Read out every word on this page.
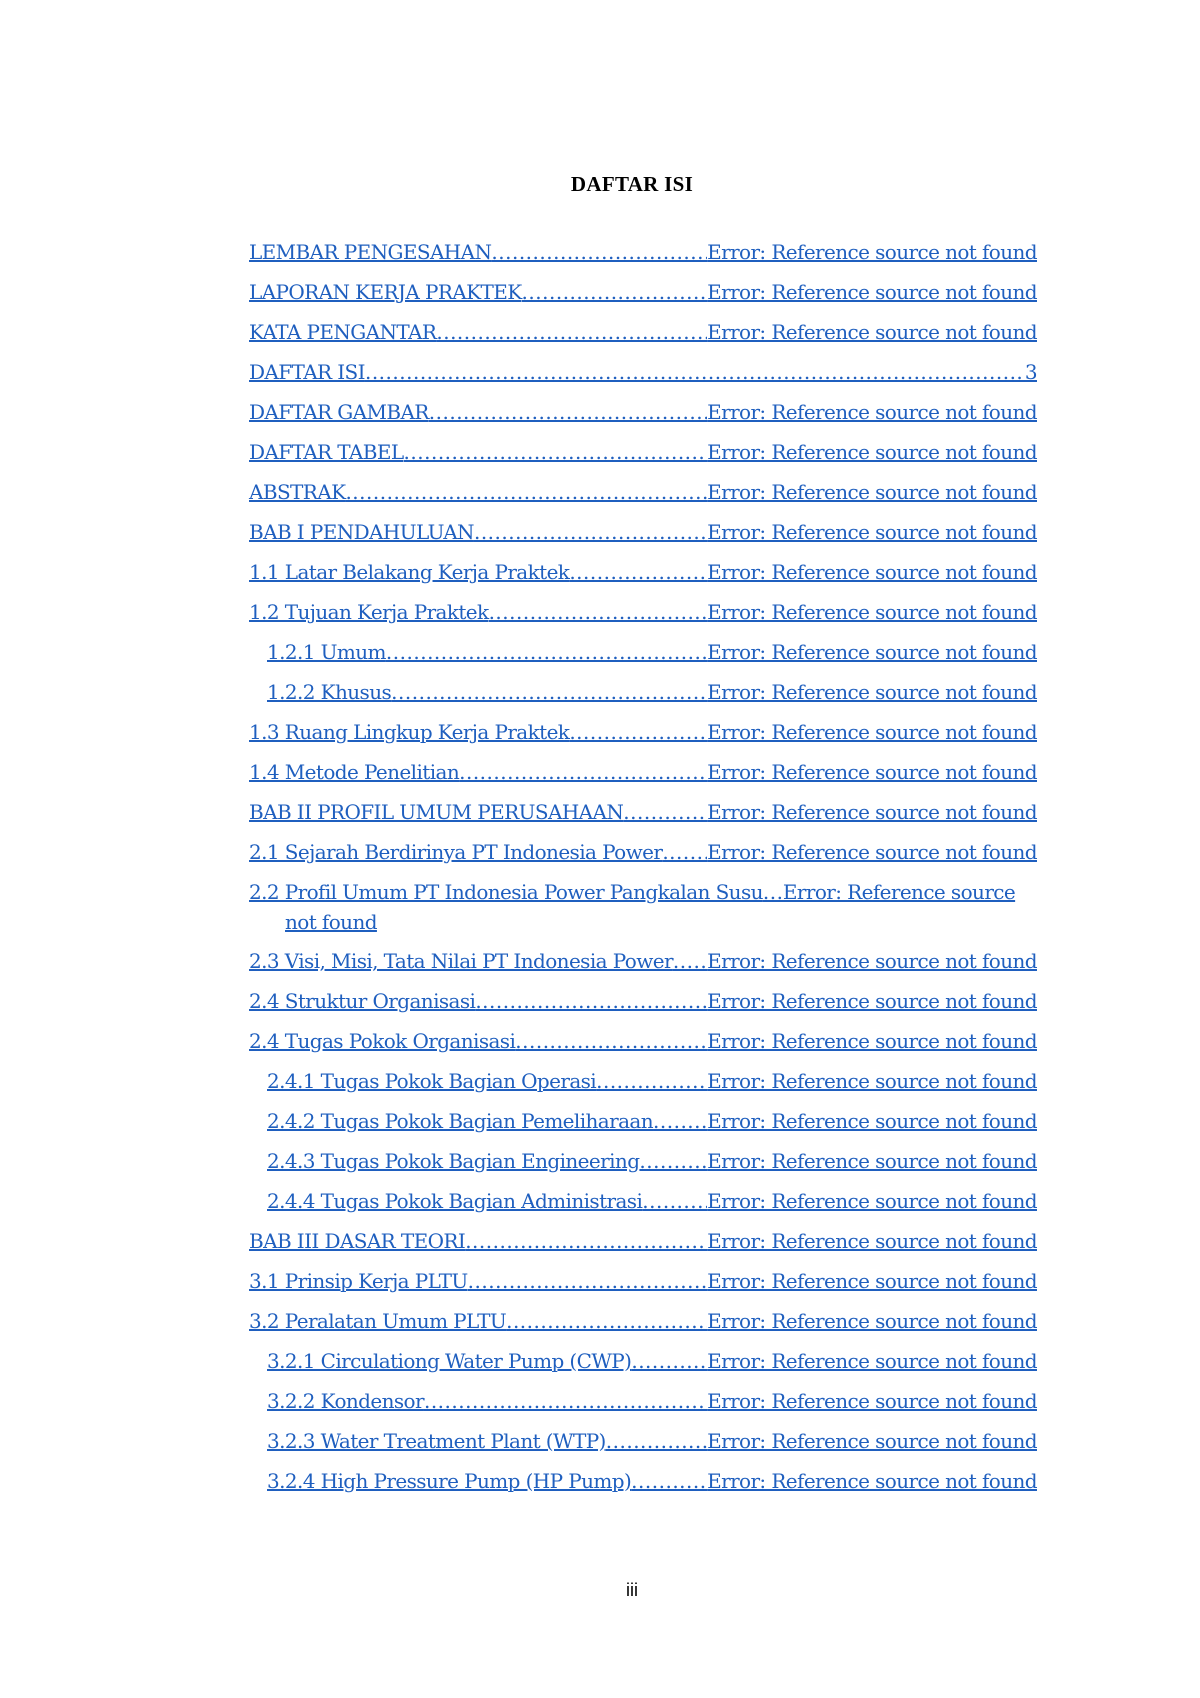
DAFTAR ISI
LEMBAR PENGESAHAN .....	Error: Reference source not found
LAPORAN KERJA PRAKTEK .....	Error: Reference source not found
KATA PENGANTAR .....	Error: Reference source not found
DAFTAR ISI .....	3
DAFTAR GAMBAR .....	Error: Reference source not found
DAFTAR TABEL .....	Error: Reference source not found
ABSTRAK .....	Error: Reference source not found
BAB I PENDAHULUAN .....	Error: Reference source not found
1.1 Latar Belakang Kerja Praktek .....	Error: Reference source not found
1.2 Tujuan Kerja Praktek .....	Error: Reference source not found
1.2.1 Umum .....	Error: Reference source not found
1.2.2 Khusus .....	Error: Reference source not found
1.3 Ruang Lingkup Kerja Praktek .....	Error: Reference source not found
1.4 Metode Penelitian .....	Error: Reference source not found
BAB II PROFIL UMUM PERUSAHAAN .....	Error: Reference source not found
2.1 Sejarah Berdirinya PT Indonesia Power ..... Error: Reference source not found
2.2 Profil Umum PT Indonesia Power Pangkalan Susu ..... Error: Reference source
not found
2.3 Visi, Misi, Tata Nilai PT Indonesia Power ..... Error: Reference source not found
2.4 Struktur Organisasi .....	Error: Reference source not found
2.4 Tugas Pokok Organisasi .....	Error: Reference source not found
2.4.1 Tugas Pokok Bagian Operasi .....	Error: Reference source not found
2.4.2 Tugas Pokok Bagian Pemeliharaan .....	Error: Reference source not found
2.4.3 Tugas Pokok Bagian Engineering .....	Error: Reference source not found
2.4.4 Tugas Pokok Bagian Administrasi .....	Error: Reference source not found
BAB III DASAR TEORI .....	Error: Reference source not found
3.1 Prinsip Kerja PLTU .....	Error: Reference source not found
3.2 Peralatan Umum PLTU .....	Error: Reference source not found
3.2.1 Circulationg Water Pump (CWP) .....	Error: Reference source not found
3.2.2 Kondensor .....	Error: Reference source not found
3.2.3 Water Treatment Plant (WTP) .....	Error: Reference source not found
3.2.4 High Pressure Pump (HP Pump) .....	Error: Reference source not found
iii
